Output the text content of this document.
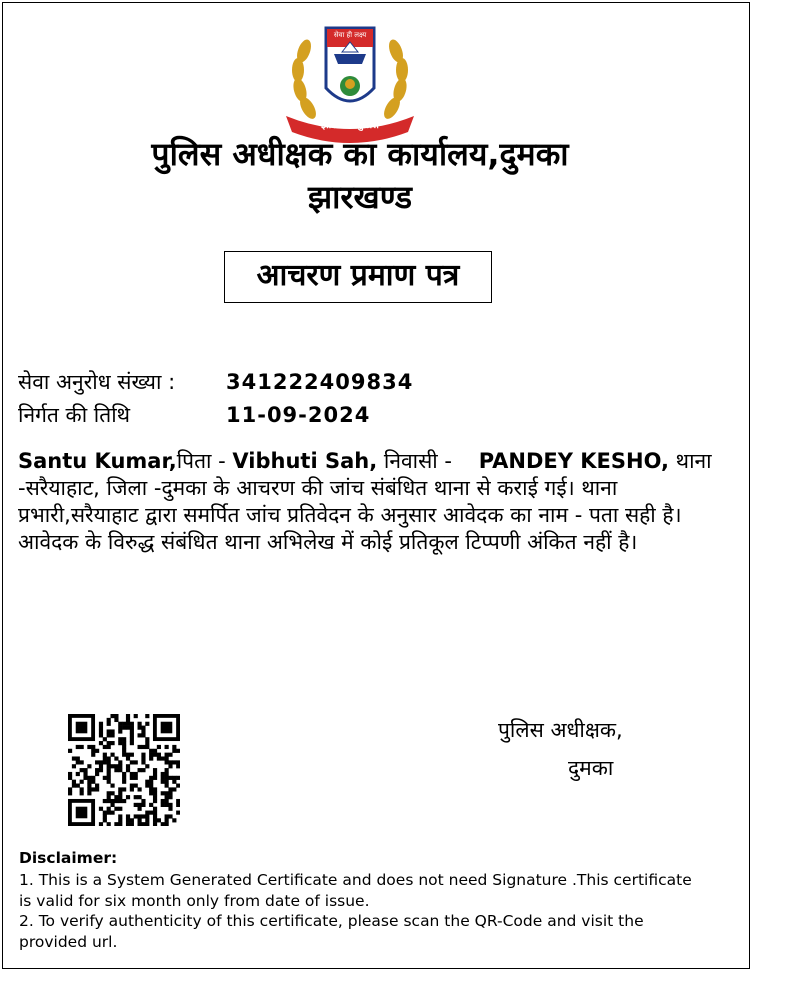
सेवा ही लक्ष्य
झारखण्ड पुलिस
पुलिस अधीक्षक का कार्यालय,दुमका
झारखण्ड
आचरण प्रमाण पत्र
सेवा अनुरोध संख्या : 341222409834
निर्गत की तिथि	11-09-2024
Santu Kumar,पिता - Vibhuti Sah, निवासी -    PANDEY KESHO, थाना -सरैयाहाट, जिला -दुमका के आचरण की जांच संबंधित थाना से कराई गई। थाना प्रभारी,सरैयाहाट द्वारा समर्पित जांच प्रतिवेदन के अनुसार आवेदक का नाम - पता सही है। आवेदक के विरुद्ध संबंधित थाना अभिलेख में कोई प्रतिकूल टिप्पणी अंकित नहीं है।
पुलिस अधीक्षक,
दुमका
Disclaimer:
1. This is a System Generated Certificate and does not need Signature .This certificate is valid for six month only from date of issue.
2. To verify authenticity of this certificate, please scan the QR-Code and visit the provided url.
